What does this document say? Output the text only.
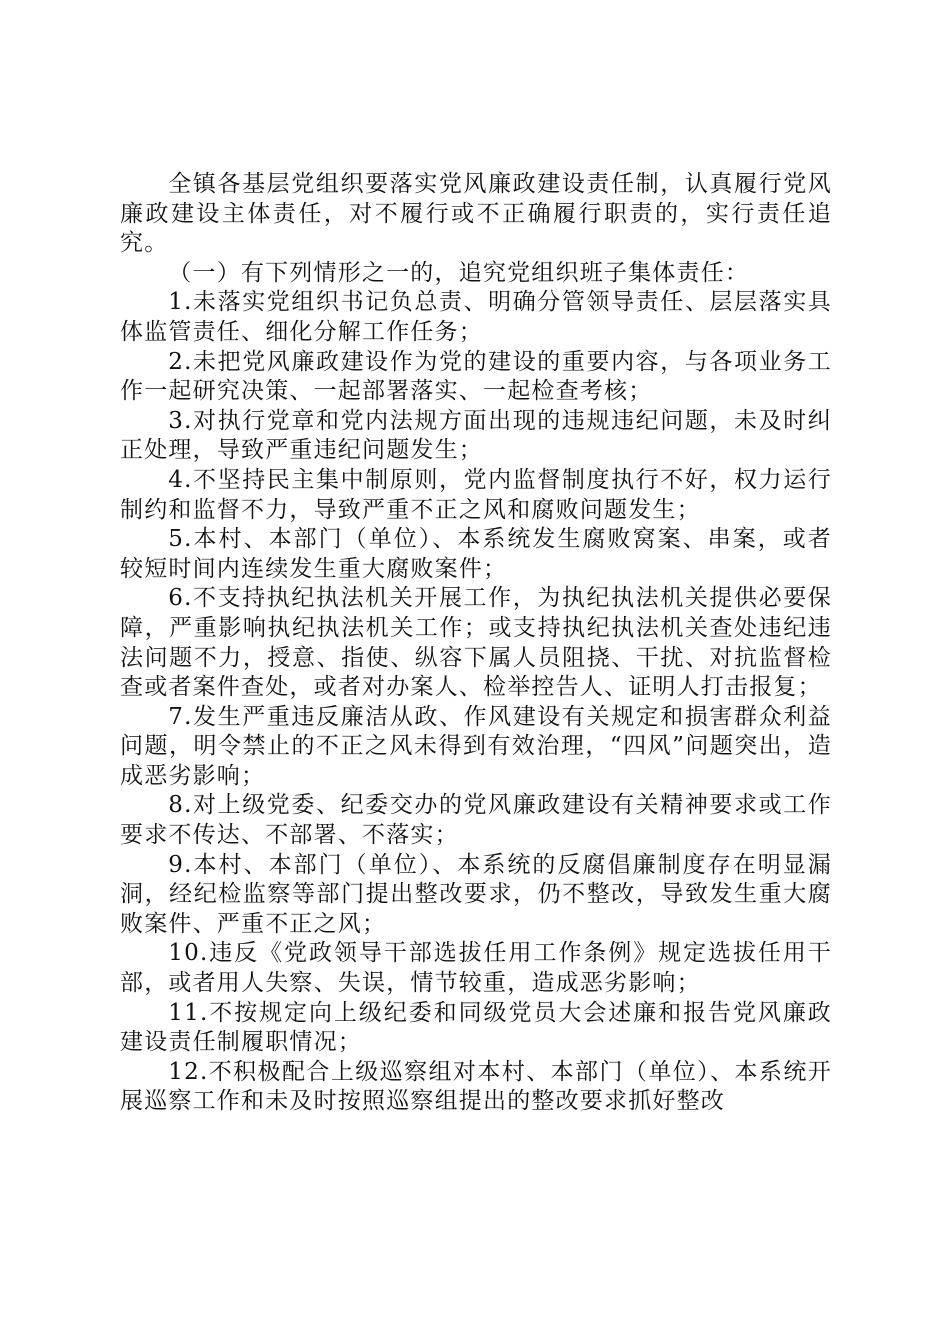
全镇各基层党组织要落实党风廉政建设责任制，认真履行党风廉政建设主体责任，对不履行或不正确履行职责的，实行责任追究。

（一）有下列情形之一的，追究党组织班子集体责任：

1.未落实党组织书记负总责、明确分管领导责任、层层落实具体监管责任、细化分解工作任务；

2.未把党风廉政建设作为党的建设的重要内容，与各项业务工作一起研究决策、一起部署落实、一起检查考核；

3.对执行党章和党内法规方面出现的违规违纪问题，未及时纠正处理，导致严重违纪问题发生；

4.不坚持民主集中制原则，党内监督制度执行不好，权力运行制约和监督不力，导致严重不正之风和腐败问题发生；

5.本村、本部门（单位）、本系统发生腐败窝案、串案，或者较短时间内连续发生重大腐败案件；

6.不支持执纪执法机关开展工作，为执纪执法机关提供必要保障，严重影响执纪执法机关工作；或支持执纪执法机关查处违纪违法问题不力，授意、指使、纵容下属人员阻挠、干扰、对抗监督检查或者案件查处，或者对办案人、检举控告人、证明人打击报复；

7.发生严重违反廉洁从政、作风建设有关规定和损害群众利益问题，明令禁止的不正之风未得到有效治理，“四风”问题突出，造成恶劣影响；

8.对上级党委、纪委交办的党风廉政建设有关精神要求或工作要求不传达、不部署、不落实；

9.本村、本部门（单位）、本系统的反腐倡廉制度存在明显漏洞，经纪检监察等部门提出整改要求，仍不整改，导致发生重大腐败案件、严重不正之风；

10.违反《党政领导干部选拔任用工作条例》规定选拔任用干部，或者用人失察、失误，情节较重，造成恶劣影响；

11.不按规定向上级纪委和同级党员大会述廉和报告党风廉政建设责任制履职情况；

12.不积极配合上级巡察组对本村、本部门（单位）、本系统开展巡察工作和未及时按照巡察组提出的整改要求抓好整改
